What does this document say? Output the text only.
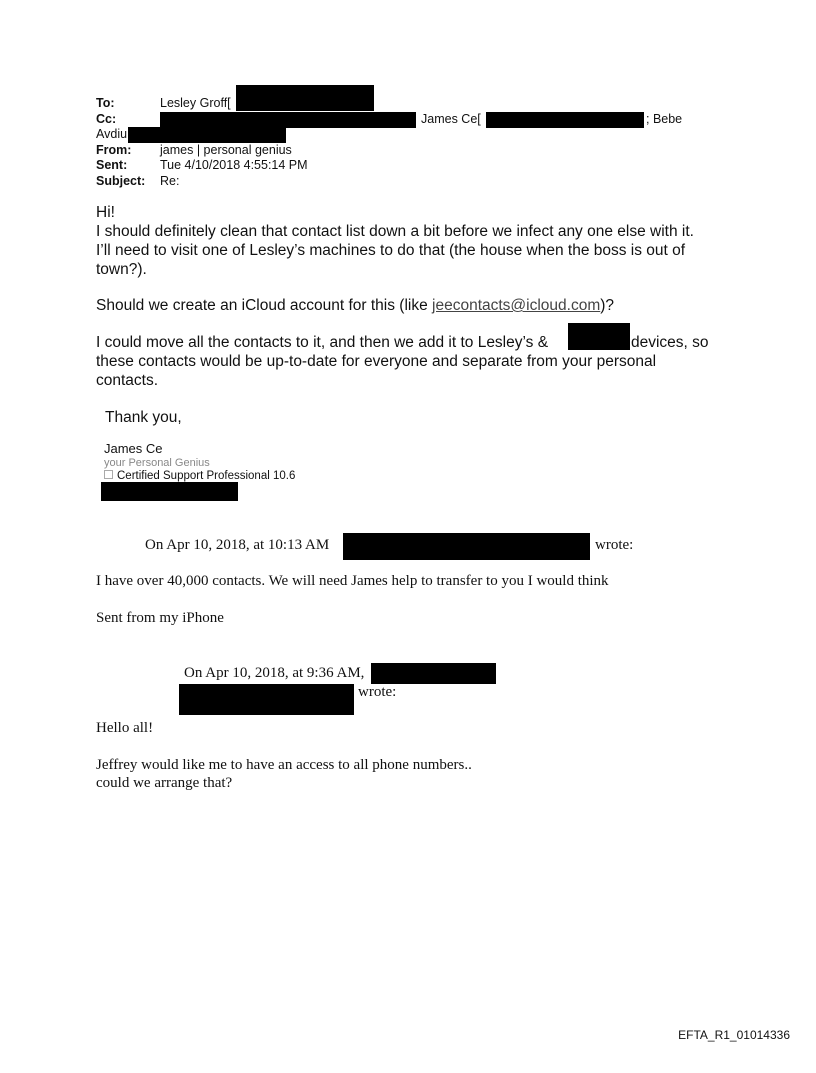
To:	Lesley Groff[
Cc:	James Ce[	; Bebe
Avdiu
From: james | personal genius
Sent:	Tue 4/10/2018 4:55:14 PM
Subject: Re:
Hi!
I should definitely clean that contact list down a bit before we infect any one else with it.
I’ll need to visit one of Lesley’s machines to do that (the house when the boss is out of
town?).
Should we create an iCloud account for this (like jeecontacts@icloud.com)?
I could move all the contacts to it, and then we add it to Lesley’s &	devices, so
these contacts would be up-to-date for everyone and separate from your personal
contacts.
Thank you,
James Ce
your Personal Genius
Certified Support Professional 10.6
On Apr 10, 2018, at 10:13 AM	wrote:
I have over 40,000 contacts. We will need James help to transfer to you I would think
Sent from my iPhone
On Apr 10, 2018, at 9:36 AM,
wrote:
Hello all!
Jeffrey would like me to have an access to all phone numbers..
could we arrange that?
EFTA_R1_01014336
